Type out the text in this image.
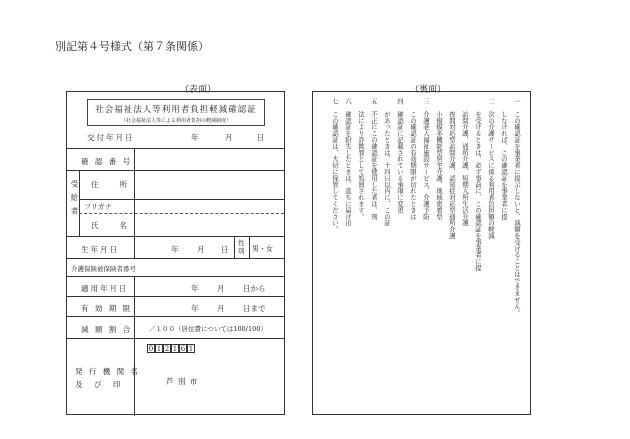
別記第４号様式（第７条関係）
（表面）	（裏面）
社会福祉法人等利用者負担軽減確認証
（社会福祉法人等による利用者負担の軽減制度）
交付年月日	年	月	日
確 認 番 号
受給者 住　　所
フリガナ
氏　　名
生年月日	年 月 日
性別 男・女
介護保険被保険者番号
適用年月日	年 月 日から
有 効 期 限	年 月 日まで
減 額 割 合	／１００（居住費については100/100）
発 行 機 関 名
及　び　印
0 1 2 1 6 1
芦 別 市
一　この確認証を事業者に提示しないと、減額を受けることはできません。
　　しなければ、この確認証を事業者に提
二　次の介護サービスに係る利用者負担額の軽減
　　を受けるときは、必ず事前に、この確認証を事業者に提
　　訪問介護、通所介護、短期入所生活介護
　　夜間対応型訪問介護、認知症対応型通所介護
　　小規模多機能型居宅介護、地域密着型
三　介護老人福祉施設サービス、介護予防
　　この確認証の有効期限が切れたときは
四　確認証に記載されている事項に変更
　　があったときは、十四日以内に、この証
五　不正にこの確認証を使用した者は、刑
　　法により詐欺罪として処罰されます。
六　確認証を紛失したときは、直ちに届け出
七　この確認証は、大切に保管してください。
